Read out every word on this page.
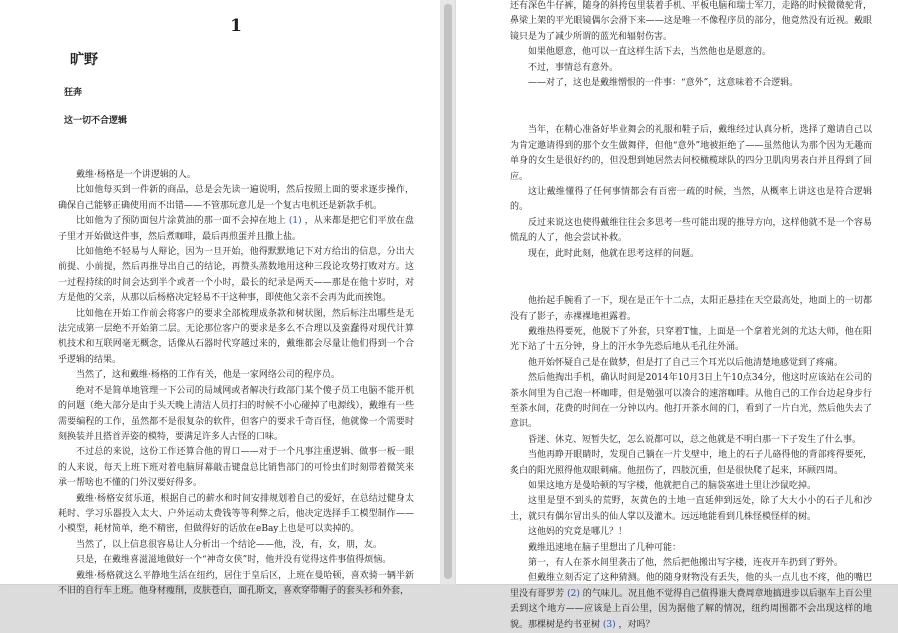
1
旷野
狂奔
这一切不合逻辑

戴维·杨格是一个讲逻辑的人。

比如他每买到一件新的商品，总是会先读一遍说明，然后按照上面的要求逐步操作，确保自己能够正确使用而不出错——不管那玩意儿是一个复古电机还是新款手机。

比如他为了预防面包片涂黄油的那一面不会掉在地上 (1) ，从来都是把它们平放在盘子里才开始做这件事，然后煮咖啡，最后再煎蛋并且撒上盐。

比如他绝不轻易与人辩论，因为一旦开始，他得默默地记下对方给出的信息，分出大前提、小前提，然后再推导出自己的结论，再赞头蒸数地用这种三段论攻势打败对方。这一过程持续的时间会达到半个或者一个小时，最长的纪录是两天——那是在他十岁时，对方是他的父亲，从那以后杨格决定轻易不干这种事，即使他父亲不会再为此而挨饱。

比如他在开始工作前会将客户的要求全部梳理成条款和树状图，然后标注出哪些是无法完成第一层绝不开始第二层。无论那位客户的要求是多么不合理以及蛮蠢得对现代计算机技术和互联网毫无概念，话像从石器时代穿越过来的，戴维都会尽量让他们得到一个合乎逻辑的结果。

当然了，这和戴维·杨格的工作有关，他是一家网络公司的程序员。

绝对不是简单地管理一下公司的局域网或者解决行政部门某个傻子员工电脑不能开机的问题（绝大部分是由于头天晚上清洁人员打扫的时候不小心碰掉了电源线），戴维有一些需要编程的工作，虽然都不是很复杂的软件，但客户的要求千奇百怪，他就像一个需要时刻换装并且搭首弄姿的模特，要满足许多人古怪的口味。

不过总的来说，这份工作还算合他的胃口——对于一个凡事注重逻辑、做事一板一眼的人来说，每天上班下班对着电脑屏幕敲击键盘总比销售部门的可怜虫们时刻带着微笑来承一帮啥也不懂的门外汉要好得多。

戴维·杨格安贫乐道，根据自己的薪水和时间安排规划着自己的爱好，在总结过健身太耗时、学习乐器投入太大、户外运动太费钱等等利弊之后，他决定选择手工模型制作——小模型，耗材简单，绝不精密，但做得好的话放在eBay上也是可以卖掉的。

当然了，以上信息很容易让人分析出一个结论——他，没，有，女，朋，友。

只是，在戴维喜滋滋地做好一个“神奇女侠”时，他并没有觉得这件事值得烦恼。

戴维·杨格就这么平静地生活在纽约，居住于皇后区，上班在曼哈顿，喜欢骑一辆半新不旧的自行车上班。他身材瘦削，皮肤苍白，面孔斯文，喜欢穿带帽子的套头衫和外套，

还有深色牛仔裤，随身的斜挎包里装着手机、平板电脑和瑞士军刀，走路的时候微微驼背，鼻梁上架的平光眼镜偶尔会滑下来——这是唯一不像程序员的部分，他竟然没有近视。戴眼镜只是为了减少所谓的蓝光和辐射伤害。

如果他愿意，他可以一直这样生活下去，当然他也是愿意的。

不过，事情总有意外。

——对了，这也是戴维憎恨的一件事：“意外”，这意味着不合逻辑。

当年，在精心准备好毕业舞会的礼服和鞋子后，戴维经过认真分析，选择了邀请自己以为肯定邀请得到的那个女生做舞伴，但他“意外”地被拒绝了——虽然他认为那个因为无趣而单身的女生是很好约的，但没想到她居然去问校橄榄球队的四分卫肌肉男表白并且得到了回应。

这让戴维懂得了任何事情都会有百密一疏的时候，当然，从概率上讲这也是符合逻辑的。

反过来说这也使得戴维往往会多思考一些可能出现的推导方向，这样他就不是一个容易慌乱的人了，他会尝试补救。

现在，此时此刻，他就在思考这样的问题。

他抬起手腕看了一下，现在是正午十二点，太阳正悬挂在天空最高处，地面上的一切都没有了影子，赤裸裸地袒露着。

戴维热得要死，他脱下了外套，只穿着T恤，上面是一个拿着光剑的尤达大师，他在阳光下站了十五分钟，身上的汗水争先恐后地从毛孔往外涌。

他开始怀疑自己是在做梦，但是打了自己三个耳光以后他清楚地感觉到了疼痛。

然后他掏出手机，确认时间是2014年10月3日上午10点34分，他这时应该站在公司的茶水间里为自己泡一杯咖啡，但是勉强可以凑合的速溶咖啡。从他自己的工作台边起身步行至茶水间，花费的时间在一分钟以内。他打开茶水间的门，看到了一片白光，然后他失去了意识。

昏迷、休克、短暂失忆，怎么说都可以，总之他就是不明白那一下子发生了什么事。

当他再睁开眼睛时，发现自己躺在一片戈壁中，地上的石子儿硌得他的背部疼得要死，炙白的阳光照得他双眼刺痛。他扭伤了，四肢沉重，但是很快爬了起来，环顾四周。

如果这地方是曼哈顿的写字楼，他就把自己的脑袋塞进土里让沙鼠吃掉。

这里是望不到头的荒野，灰黄色的土地一直延伸到远处，除了大大小小的石子儿和沙土，就只有偶尔冒出头的仙人掌以及灌木。远远地能看到几株怪模怪样的树。

这他妈的究竟是哪儿？！

戴维迅速地在脑子里想出了几种可能：

第一，有人在茶水间里袭击了他，然后把他搬出写字楼，连夜开车扔到了野外。

但戴维立刻否定了这种猜测。他的随身财物没有丢失，他的头一点儿也不疼，他的嘴巴里没有哥罗芳 (2) 的气味儿。况且他不觉得自己值得谁大费周章地搞进步以后驱车上百公里丢到这个地方——应该是上百公里，因为据他了解的情况，纽约周围都不会出现这样的地貌。那棵树是约书亚树 (3) ，对吗？
